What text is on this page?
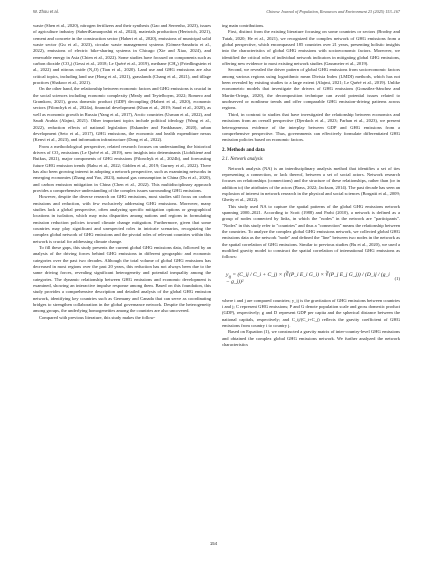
W. Zhou et al.	Chinese Journal of Population, Resources and Environment 23 (2025) 153–167

waste (Shen et al., 2020), nitrogen fertilizers and their synthesis (Gao and Serrenho, 2023), issues of agriculture industry (SaberiKamarposhti et al., 2024), materials production (Hertwich, 2021), cement and concrete in the construction sector (Habert et al., 2020), emissions of municipal solid waste sector (Gu et al., 2023), circular waste management systems (Gómez-Sanabria et al., 2022), emissions of electric bike-sharing systems in Chicago (Xie and Xiao, 2024), and renewable energy in Asia (Chien et al., 2022). Some studies have focused on components such as carbon dioxide (CO₂) (Gessi et al., 2018; Le Quéré et al., 2019), methane (CH₄) (Friedlingstein et al., 2022) and nitrous oxide (N₂O) (Tian et al., 2020). Land use and GHG emissions are also critical topics, including land use (Hong et al., 2021), grasslands (Chang et al., 2021), and tillage practices (Shakoor et al., 2021).

On the other hand, the relationship between economic factors and GHG emissions is crucial in the social sciences including economic complexity (Mealy and Teytelboym, 2022; Romero and Gramkow, 2021), gross domestic product (GDP) decoupling (Habert et al., 2020), economic sectors (Filonchyk et al., 2024a), financial development (Khan et al., 2019; Saud et al., 2020), as well as economic growth in Russia (Yang et al., 2017), Arctic countries (Usman et al., 2022), and Saudi Arabia (Alajmi, 2021). Other important topics include political ideology (Wang et al., 2022), reduction effects of national legislation (Eskander and Fankhauser, 2020), urban development (Seto et al., 2017), GHG emissions, the economic and health expenditure nexus (Kenvi et al., 2023), and information infrastructure (Dong et al., 2022).

From a methodological perspective, related research focuses on understanding the historical drivers of CO₂ emissions (Le Quéré et al., 2019), new insights into determinants (Liobikienė and Butkus, 2021), major components of GHG emissions (Filonchyk et al., 2024b), and forecasting future GHG emission trends (Rahu et al., 2022; Gidden et al., 2019; Gurney et al., 2022). There has also been growing interest in adopting a network perspective, such as examining networks in emerging economies (Zhang and Yao, 2023), natural gas consumption in China (Du et al., 2020), and carbon emission mitigation in China (Chen et al., 2022). This multidisciplinary approach provides a comprehensive understanding of the complex issues surrounding GHG emissions.

However, despite the diverse research on GHG emissions, most studies still focus on carbon emissions and reduction, with few exclusively addressing GHG emissions. Moreover, many studies lack a global perspective, often analyzing specific mitigation options or geographical locations in isolation, which may miss disparities among nations and regions in formulating emission reduction policies toward climate change mitigation. Furthermore, given that some countries may play significant and unexpected roles in intricate scenarios, recognizing the complex global network of GHG emissions and the pivotal roles of relevant countries within this network is crucial for addressing climate change.

To fill these gaps, this study presents the current global GHG emissions data, followed by an analysis of the driving forces behind GHG emissions in different geographic and economic categories over the past two decades. Although the total volume of global GHG emissions has decreased in most regions over the past 20 years, this reduction has not always been due to the same driving forces, revealing significant heterogeneity and potential inequality among the categories. The dynamic relationship between GHG emissions and economic development is examined, showing an interactive impulse response among them. Based on this foundation, this study provides a comprehensive description and detailed analysis of the global GHG emission network, identifying key countries such as Germany and Canada that can serve as coordinating bridges to strengthen collaboration in the global governance network. Despite the heterogeneity among groups, the underlying homogeneities among the countries are also uncovered.

Compared with previous literature, this study makes the follow-

ing main contributions.

First, distinct from the existing literature focusing on some countries or sectors (Brodny and Tutak, 2020; He et al., 2021), we recognized the complex network of GHG emissions from a global perspective, which encompassed 185 countries over 21 years, presenting holistic insights into the characteristics of global GHG emissions with socioeconomic factors. Moreover, we identified the critical roles of individual network indicators in mitigating global GHG emissions, offering new evidence to most existing network studies (Gassmeier et al., 2019).

Second, we revealed the driver pattern of global GHG emissions from socioeconomic factors among various regions using logarithmic mean Divisia Index (LMDI) methods, which has not been revealed by existing studies to a large extent (Alajmi, 2021; Le Quéré et al., 2019). Unlike econometric models that investigate the drivers of GHG emissions (González-Sánchez and Martín-Ortega, 2020), the decomposition technique can avoid potential issues related to unobserved or nonlinear trends and offer comparable GHG emission-driving patterns across regions.

Third, in contrast to studies that have investigated the relationship between economics and emissions from an overall perspective (Djerdach et al., 2023; Farhan et al., 2023), we present heterogeneous evidence of the interplay between GDP and GHG emissions from a comprehensive perspective. Thus, governments can effectively formulate differentiated GHG emission policies based on economic factors.

2. Methods and data
2.1. Network analysis

Network analysis (NA) is an interdisciplinary analysis method that identifies a set of ties representing a connection, or lack thereof, between a set of social actors. Network research focuses on relationships (connections) and the structure of these relationships, rather than (or in addition to) the attributes of the actors (Brass, 2022; Jackson, 2014). The past decade has seen an explosion of interest in network research in the physical and social sciences (Borgatti et al., 2009; Ghetty et al., 2022).

This study used NA to capture the spatial patterns of the global GHG emissions network spanning 2000–2021. According to Scott (1988) and Parhi (2010), a network is defined as a group of nodes connected by links, in which the "nodes" in the network are "participants". "Nodes" in this study refer to "countries" and thus a "connection" means the relationship between the countries. To analyze the complex global GHG emissions network, we collected global GHG emissions data as the network "node" and defined the "line" between two nodes in the network as the spatial correlation of GHG emissions. Similar to previous studies (Bu et al., 2020), we used a modified gravity model to construct the spatial correlation of international GHG emissions as follows:

$y_{ij}$ = (C_ij / C_i + C_j) × (∛(P_i E_i G_i) × ∛(P_j E_j G_j)) / (D_ij / (g_i − g_j))²
(1)

where i and j are compared countries; y_ij is the gravitation of GHG emissions between countries i and j; C represent GHG emissions; P and G denote population scale and gross domestic product (GDP), respectively; g and D represent GDP per capita and the spherical distance between the national capitals, respectively; and C_ij/(C_i+C_j) reflects the gravity coefficient of GHG emissions from country i to country j.

Based on Equation (1), we constructed a gravity matrix of inter-country-level GHG emissions and obtained the complex global GHG emissions network. We further analyzed the network characteristics

154
